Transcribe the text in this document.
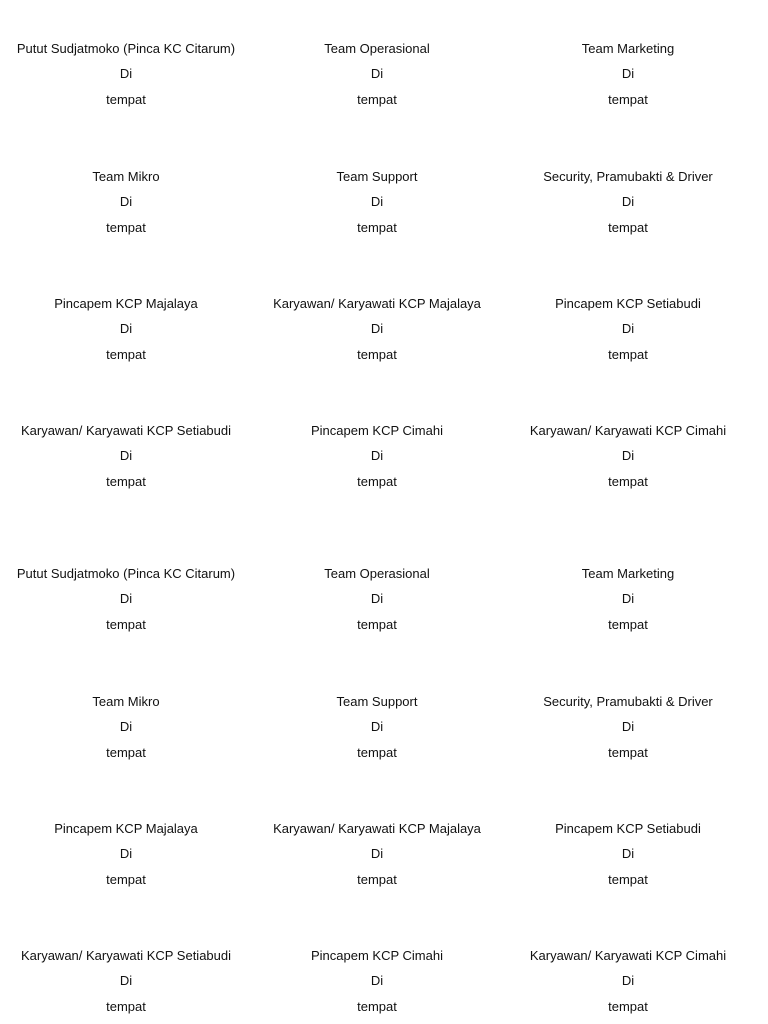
Putut Sudjatmoko (Pinca KC Citarum)
Di
tempat
Team Operasional
Di
tempat
Team Marketing
Di
tempat
Team Mikro
Di
tempat
Team Support
Di
tempat
Security, Pramubakti & Driver
Di
tempat
Pincapem KCP Majalaya
Di
tempat
Karyawan/ Karyawati KCP Majalaya
Di
tempat
Pincapem KCP Setiabudi
Di
tempat
Karyawan/ Karyawati KCP Setiabudi
Di
tempat
Pincapem KCP Cimahi
Di
tempat
Karyawan/ Karyawati KCP Cimahi
Di
tempat
Putut Sudjatmoko (Pinca KC Citarum)
Di
tempat
Team Operasional
Di
tempat
Team Marketing
Di
tempat
Team Mikro
Di
tempat
Team Support
Di
tempat
Security, Pramubakti & Driver
Di
tempat
Pincapem KCP Majalaya
Di
tempat
Karyawan/ Karyawati KCP Majalaya
Di
tempat
Pincapem KCP Setiabudi
Di
tempat
Karyawan/ Karyawati KCP Setiabudi
Di
tempat
Pincapem KCP Cimahi
Di
tempat
Karyawan/ Karyawati KCP Cimahi
Di
tempat
